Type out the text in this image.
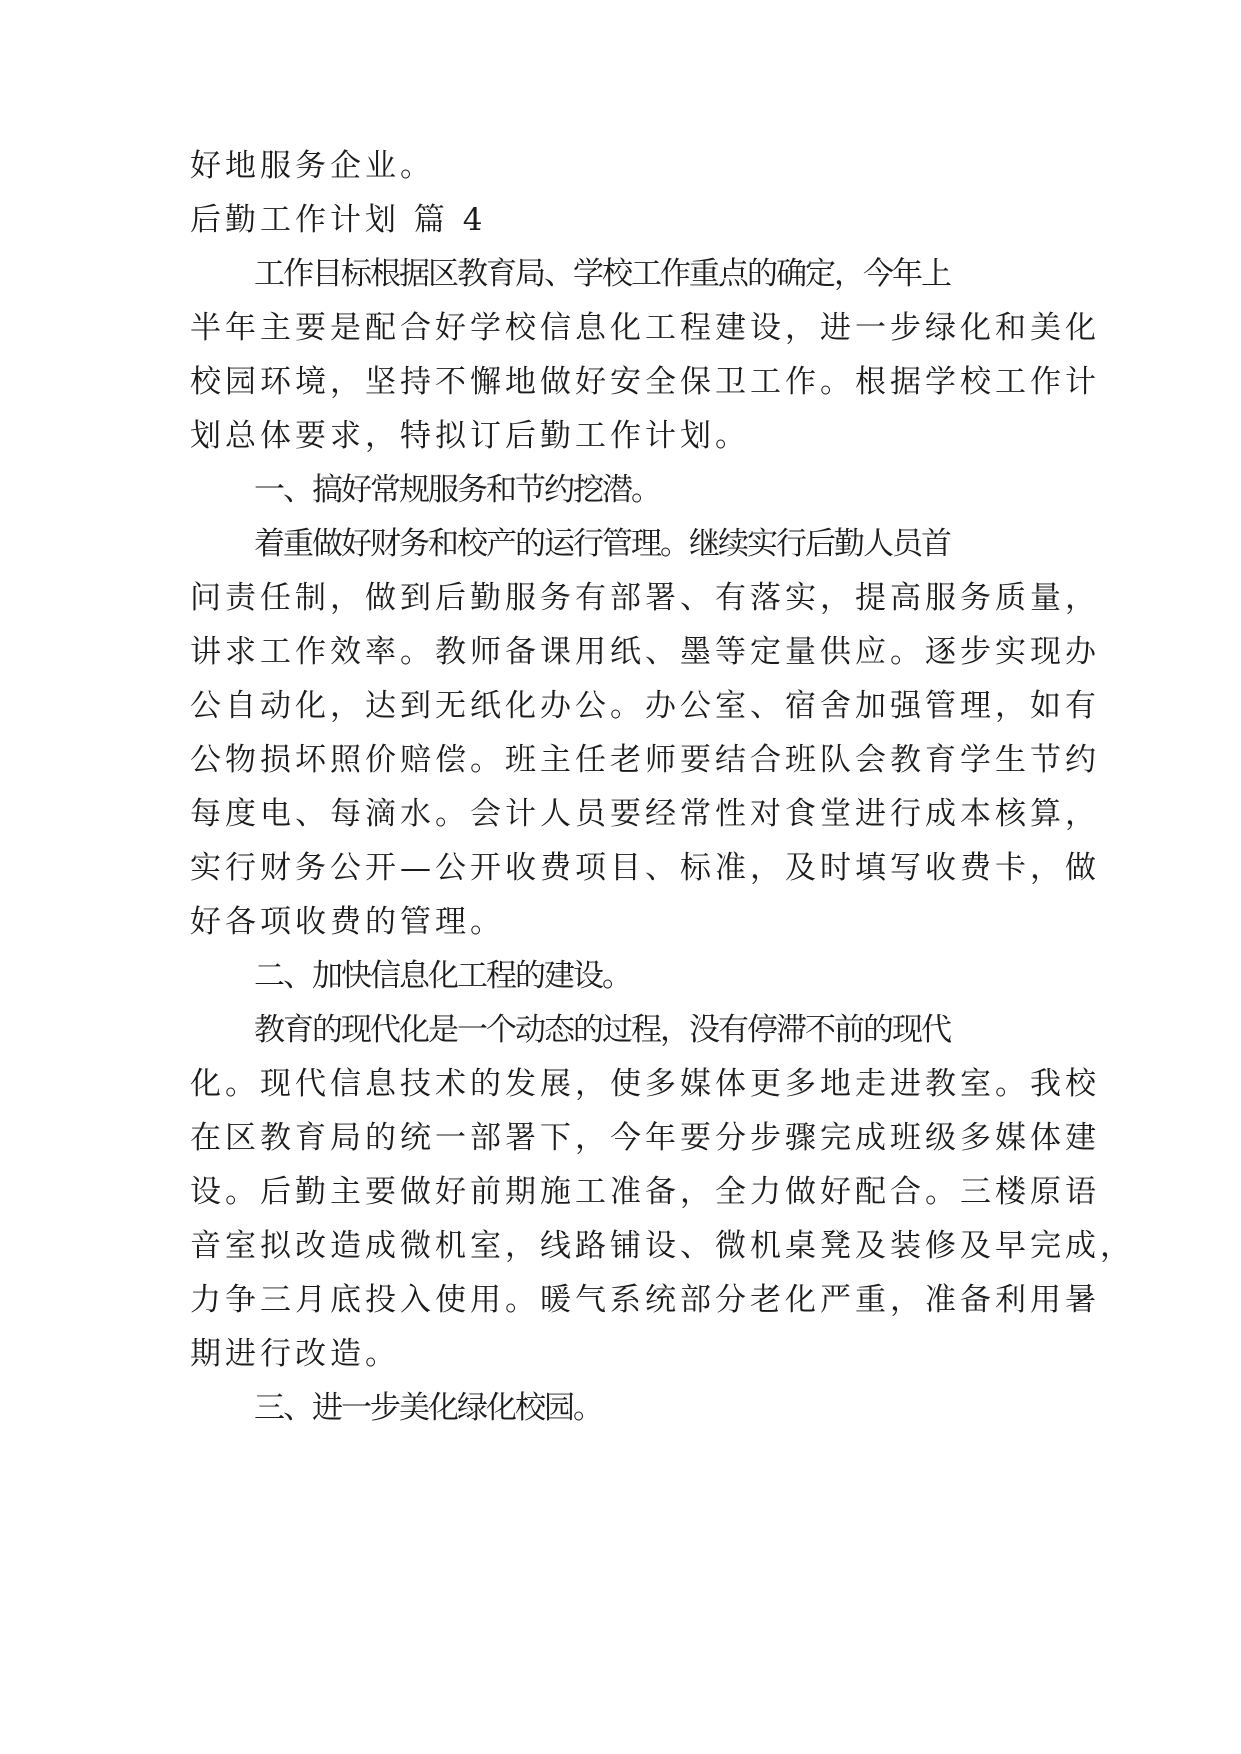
好地服务企业。

后勤工作计划 篇 4

工作目标根据区教育局、学校工作重点的确定，今年上

半年主要是配合好学校信息化工程建设，进一步绿化和美化

校园环境，坚持不懈地做好安全保卫工作。根据学校工作计

划总体要求，特拟订后勤工作计划。

一、搞好常规服务和节约挖潜。

着重做好财务和校产的运行管理。继续实行后勤人员首

问责任制，做到后勤服务有部署、有落实，提高服务质量，

讲求工作效率。教师备课用纸、墨等定量供应。逐步实现办

公自动化，达到无纸化办公。办公室、宿舍加强管理，如有

公物损坏照价赔偿。班主任老师要结合班队会教育学生节约

每度电、每滴水。会计人员要经常性对食堂进行成本核算，

实行财务公开—公开收费项目、标准，及时填写收费卡，做

好各项收费的管理。

二、加快信息化工程的建设。

教育的现代化是一个动态的过程，没有停滞不前的现代

化。现代信息技术的发展，使多媒体更多地走进教室。我校

在区教育局的统一部署下，今年要分步骤完成班级多媒体建

设。后勤主要做好前期施工准备，全力做好配合。三楼原语

音室拟改造成微机室，线路铺设、微机桌凳及装修及早完成，

力争三月底投入使用。暖气系统部分老化严重，准备利用暑

期进行改造。

三、进一步美化绿化校园。
